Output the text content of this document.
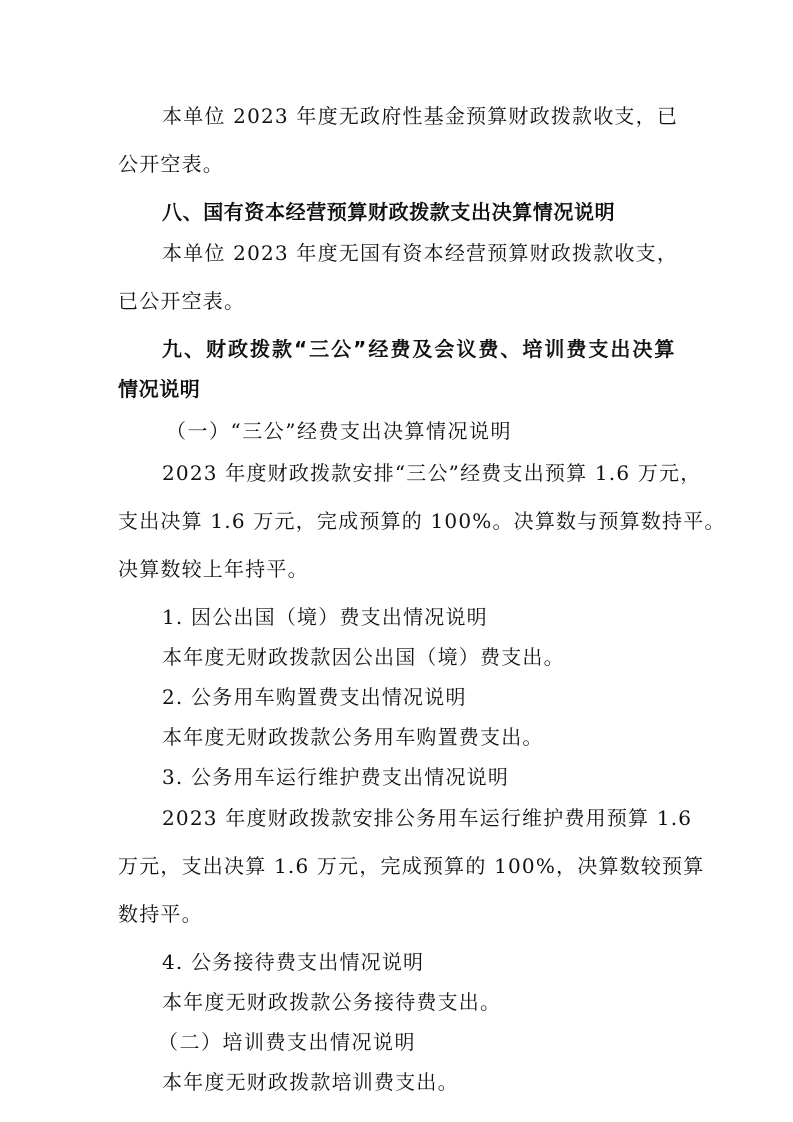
本单位 2023 年度无政府性基金预算财政拨款收支，已
公开空表。
八、国有资本经营预算财政拨款支出决算情况说明
本单位 2023 年度无国有资本经营预算财政拨款收支，
已公开空表。
九、财政拨款“三公”经费及会议费、培训费支出决算
情况说明
（一）“三公”经费支出决算情况说明
2023 年度财政拨款安排“三公”经费支出预算 1.6 万元，
支出决算 1.6 万元，完成预算的 100%。决算数与预算数持平。
决算数较上年持平。
1. 因公出国（境）费支出情况说明
本年度无财政拨款因公出国（境）费支出。
2. 公务用车购置费支出情况说明
本年度无财政拨款公务用车购置费支出。
3. 公务用车运行维护费支出情况说明
2023 年度财政拨款安排公务用车运行维护费用预算 1.6
万元，支出决算 1.6 万元，完成预算的 100%，决算数较预算
数持平。
4. 公务接待费支出情况说明
本年度无财政拨款公务接待费支出。
（二）培训费支出情况说明
本年度无财政拨款培训费支出。
